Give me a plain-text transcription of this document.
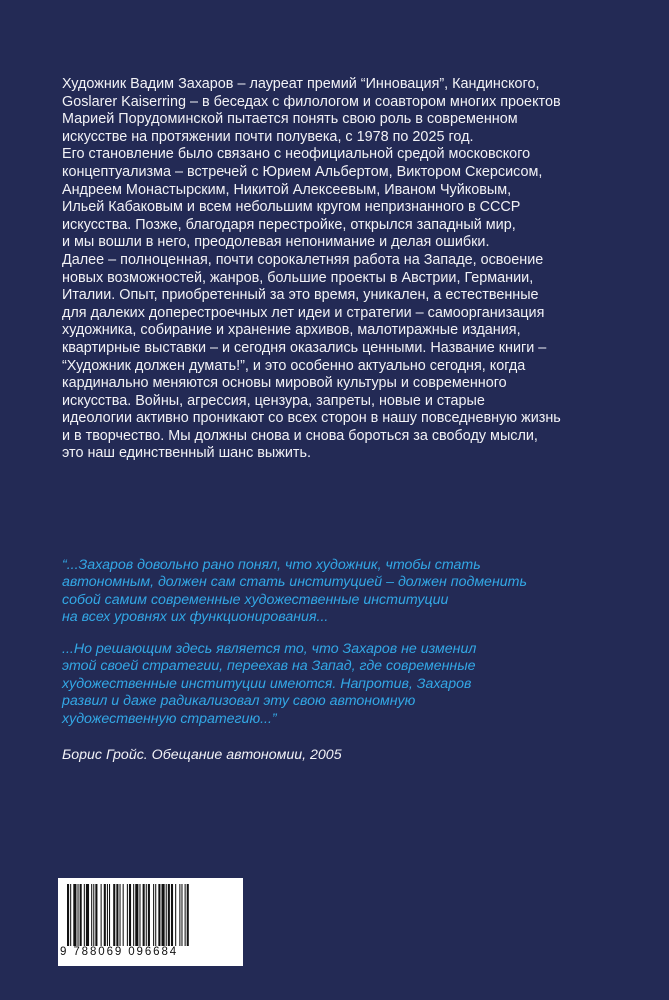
Художник Вадим Захаров – лауреат премий “Инновация”, Кандинского,
Goslarer Kaiserring – в беседах с филологом и соавтором многих проектов
Марией Порудоминской пытается понять свою роль в современном
искусстве на протяжении почти полувека, с 1978 по 2025 год.
Его становление было связано с неофициальной средой московского
концептуализма – встречей с Юрием Альбертом, Виктором Скерсисом,
Андреем Монастырским, Никитой Алексеевым, Иваном Чуйковым,
Ильей Кабаковым и всем небольшим кругом непризнанного в СССР
искусства. Позже, благодаря перестройке, открылся западный мир,
и мы вошли в него, преодолевая непонимание и делая ошибки.
Далее – полноценная, почти сорокалетняя работа на Западе, освоение
новых возможностей, жанров, большие проекты в Австрии, Германии,
Италии. Опыт, приобретенный за это время, уникален, а естественные
для далеких доперестроечных лет идеи и стратегии – самоорганизация
художника, собирание и хранение архивов, малотиражные издания,
квартирные выставки – и сегодня оказались ценными. Название книги –
“Художник должен думать!”, и это особенно актуально сегодня, когда
кардинально меняются основы мировой культуры и современного
искусства. Войны, агрессия, цензура, запреты, новые и старые
идеологии активно проникают со всех сторон в нашу повседневную жизнь
и в творчество. Мы должны снова и снова бороться за свободу мысли,
это наш единственный шанс выжить.
“...Захаров довольно рано понял, что художник, чтобы стать
автономным, должен сам стать институцией – должен подменить
собой самим современные художественные институции
на всех уровнях их функционирования...
...Но решающим здесь является то, что Захаров не изменил
этой своей стратегии, переехав на Запад, где современные
художественные институции имеются. Напротив, Захаров
развил и даже радикализовал эту свою автономную
художественную стратегию...”

Борис Гройс. Обещание автономии, 2005

9 788069 096684
